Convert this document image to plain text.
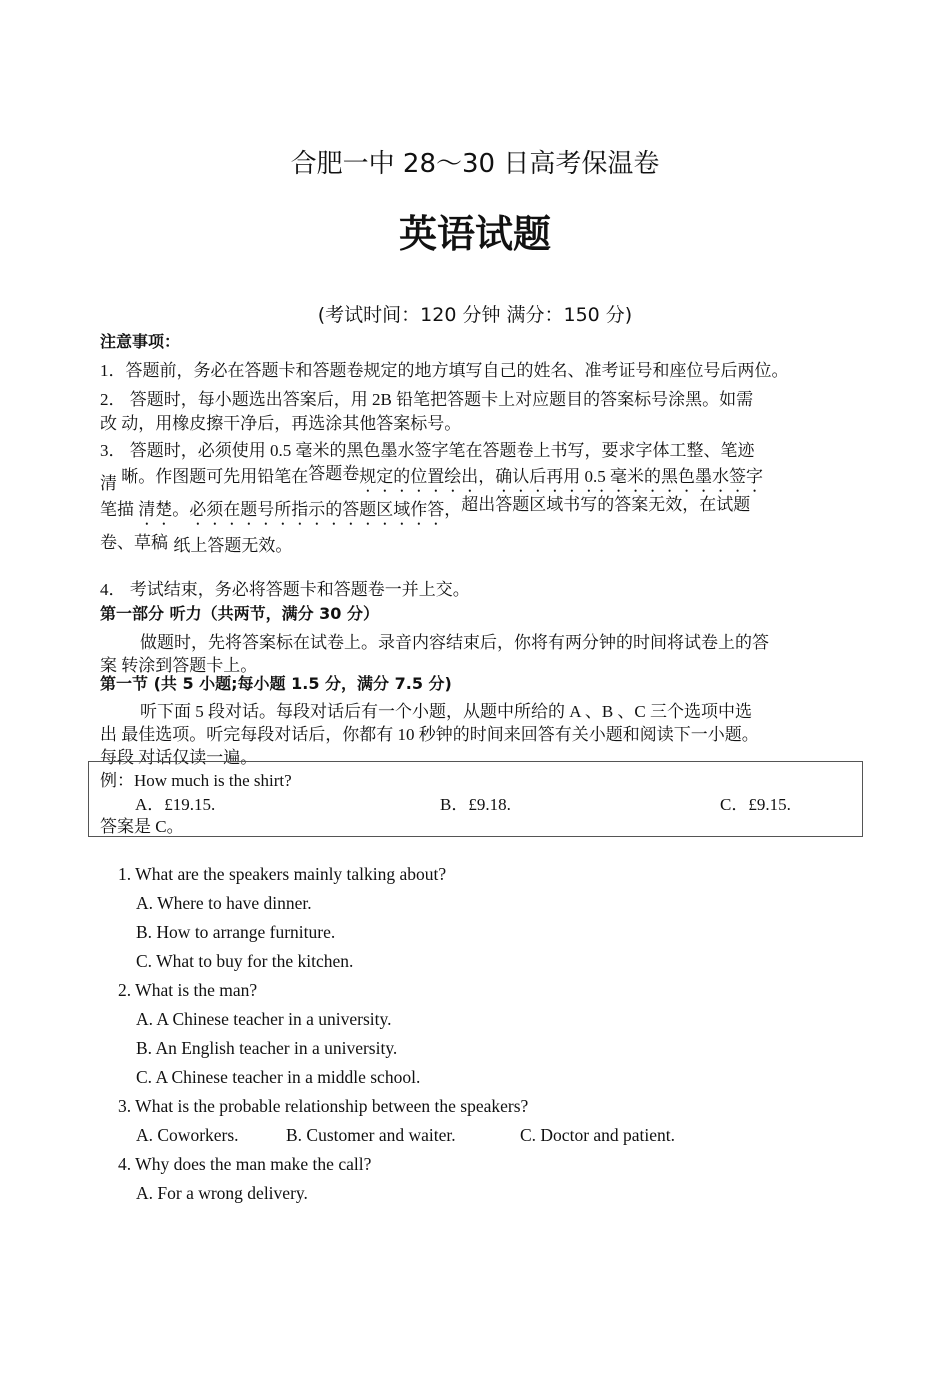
合肥一中 28～30 日高考保温卷
英语试题
(考试时间：120 分钟 满分：150 分)
注意事项：
1．答题前，务必在答题卡和答题卷规定的地方填写自己的姓名、准考证号和座位号后两位。
2． 答题时，每小题选出答案后，用 2B 铅笔把答题卡上对应题目的答案标号涂黑。如需
改 动，用橡皮擦干净后，再选涂其他答案标号。
3． 答题时，必须使用 0.5 毫米的黑色墨水签字笔在答题卷上书写，要求字体工整、笔迹
清 晰。作图题可先用铅笔在答题卷规定的位置绘出，确认后再用 0.5 毫米的黑色墨水签字
笔描 清楚。必须在题号所指示的答题区域作答，超出答题区域书写的答案无效，在试题
卷、草稿 纸上答题无效。
4． 考试结束，务必将答题卡和答题卷一并上交。
第一部分 听力（共两节，满分 30 分）
做题时，先将答案标在试卷上。录音内容结束后，你将有两分钟的时间将试卷上的答
案 转涂到答题卡上。
第一节 (共 5 小题;每小题 1.5 分，满分 7.5 分)
听下面 5 段对话。每段对话后有一个小题，从题中所给的 A 、B 、C 三个选项中选
出 最佳选项。听完每段对话后，你都有 10 秒钟的时间来回答有关小题和阅读下一小题。
每段 对话仅读一遍。
例：How much is the shirt?
A．£19.15.	B．£9.18.	C．£9.15.
答案是 C。
1. What are the speakers mainly talking about?
A. Where to have dinner.
B. How to arrange furniture.
C. What to buy for the kitchen.
2. What is the man?
A. A Chinese teacher in a university.
B. An English teacher in a university.
C. A Chinese teacher in a middle school.
3. What is the probable relationship between the speakers?
A. Coworkers.	B. Customer and waiter.	C. Doctor and patient.
4. Why does the man make the call?
A. For a wrong delivery.
